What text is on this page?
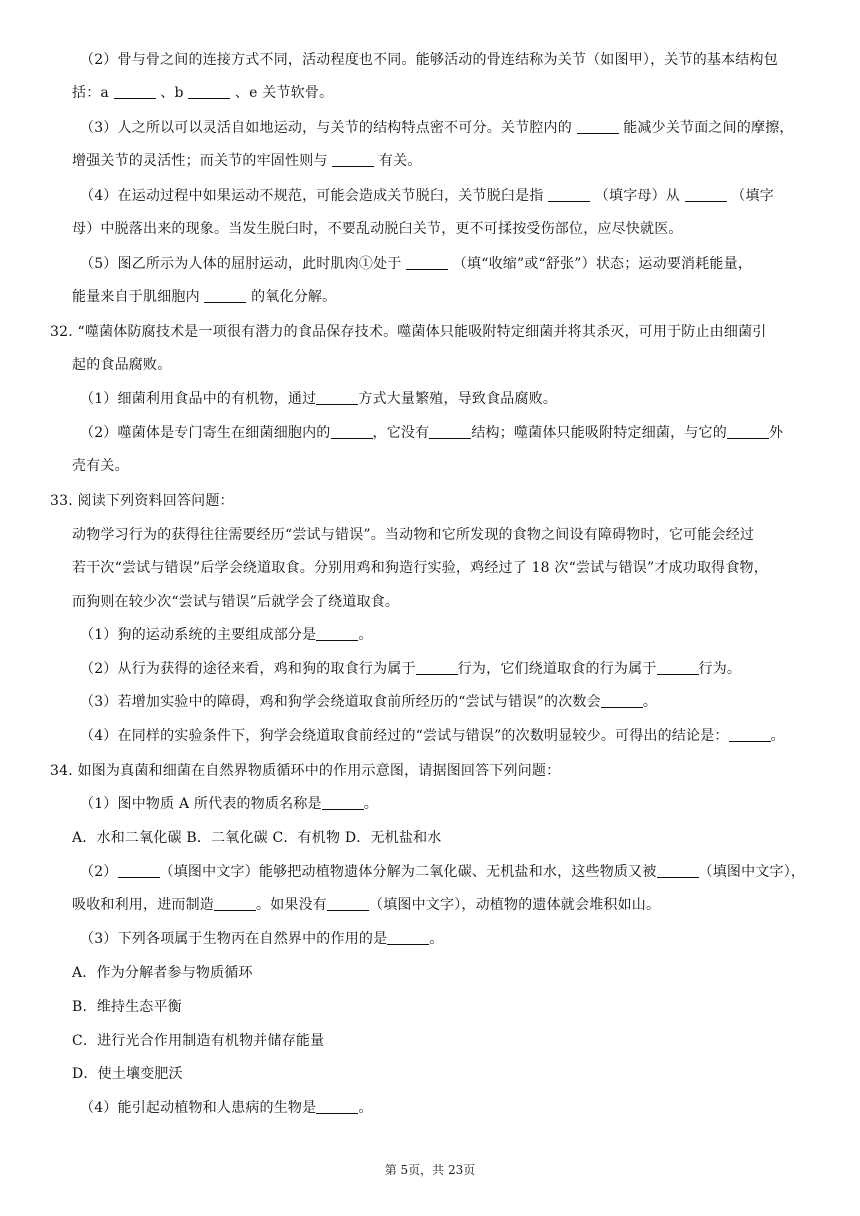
（2）骨与骨之间的连接方式不同，活动程度也不同。能够活动的骨连结称为关节（如图甲），关节的基本结构包
括：a	、b	、e 关节软骨。
（3）人之所以可以灵活自如地运动，与关节的结构特点密不可分。关节腔内的	能减少关节面之间的摩擦，
增强关节的灵活性；而关节的牢固性则与	有关。
（4）在运动过程中如果运动不规范，可能会造成关节脱臼，关节脱臼是指	（填字母）从	（填字
母）中脱落出来的现象。当发生脱臼时，不要乱动脱臼关节，更不可揉按受伤部位，应尽快就医。
（5）图乙所示为人体的屈肘运动，此时肌肉①处于	（填“收缩”或“舒张”）状态；运动要消耗能量，
能量来自于肌细胞内	的氧化分解。
32. “噬菌体防腐技术是一项很有潜力的食品保存技术。噬菌体只能吸附特定细菌并将其杀灭，可用于防止由细菌引
起的食品腐败。
（1）细菌利用食品中的有机物，通过	方式大量繁殖，导致食品腐败。
（2）噬菌体是专门寄生在细菌细胞内的	，它没有	结构；噬菌体只能吸附特定细菌，与它的	外
壳有关。
33. 阅读下列资料回答问题：
动物学习行为的获得往往需要经历“尝试与错误”。当动物和它所发现的食物之间设有障碍物时，它可能会经过
若干次“尝试与错误”后学会绕道取食。分别用鸡和狗造行实验，鸡经过了 18 次“尝试与错误”才成功取得食物，
而狗则在较少次“尝试与错误”后就学会了绕道取食。
（1）狗的运动系统的主要组成部分是	。
（2）从行为获得的途径来看，鸡和狗的取食行为属于	行为，它们绕道取食的行为属于	行为。
（3）若增加实验中的障碍，鸡和狗学会绕道取食前所经历的“尝试与错误”的次数会	。
（4）在同样的实验条件下，狗学会绕道取食前经过的“尝试与错误”的次数明显较少。可得出的结论是：	。
34. 如图为真菌和细菌在自然界物质循环中的作用示意图，请据图回答下列问题：
（1）图中物质 A 所代表的物质名称是	。
A．水和二氧化碳 B．二氧化碳 C．有机物 D．无机盐和水
（2）	（填图中文字）能够把动植物遗体分解为二氧化碳、无机盐和水，这些物质又被	（填图中文字），
吸收和利用，进而制造	。如果没有	（填图中文字），动植物的遗体就会堆积如山。
（3）下列各项属于生物丙在自然界中的作用的是	。
A．作为分解者参与物质循环
B．维持生态平衡
C．进行光合作用制造有机物并储存能量
D．使土壤变肥沃
（4）能引起动植物和人患病的生物是	。
第 5页，共 23页
